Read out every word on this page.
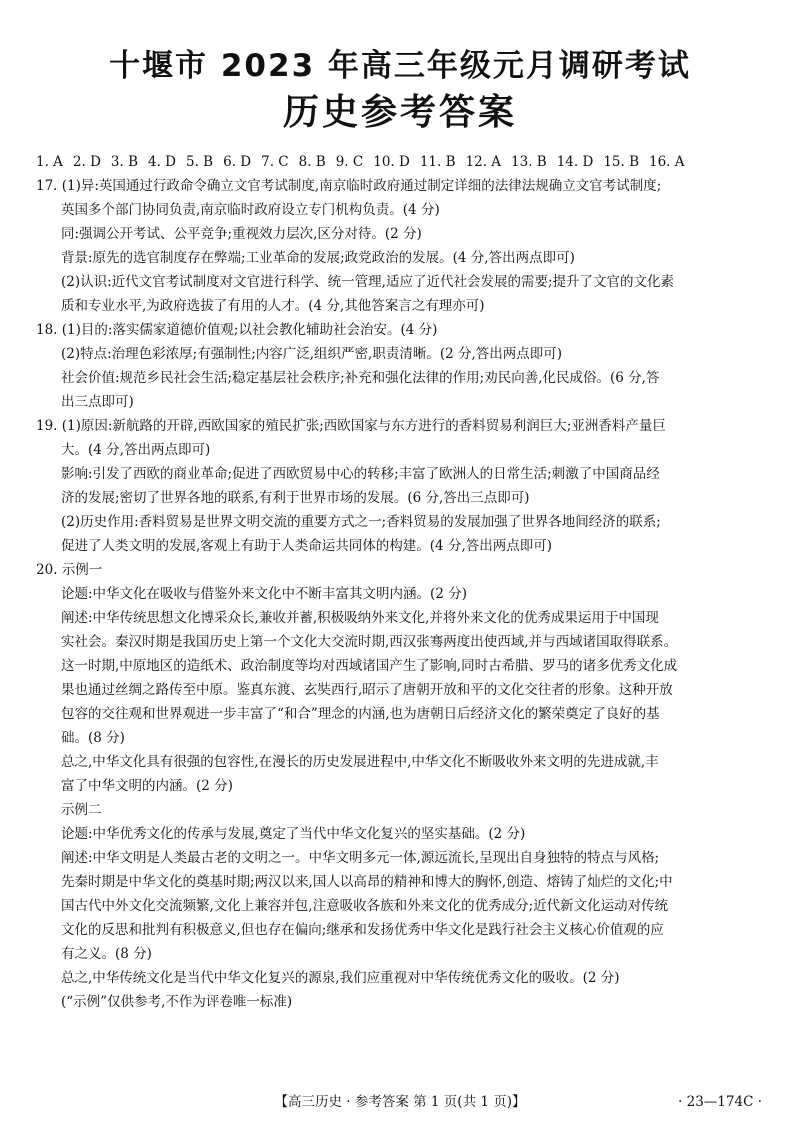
十堰市 2023 年高三年级元月调研考试
历史参考答案
1. A 2. D 3. B 4. D 5. B 6. D 7. C 8. B 9. C 10. D 11. B 12. A 13. B 14. D 15. B 16. A
17. (1)异:英国通过行政命令确立文官考试制度,南京临时政府通过制定详细的法律法规确立文官考试制度;
英国多个部门协同负责,南京临时政府设立专门机构负责。(4 分)
同:强调公开考试、公平竞争;重视效力层次,区分对待。(2 分)
背景:原先的选官制度存在弊端;工业革命的发展;政党政治的发展。(4 分,答出两点即可)
(2)认识:近代文官考试制度对文官进行科学、统一管理,适应了近代社会发展的需要;提升了文官的文化素
质和专业水平,为政府选拔了有用的人才。(4 分,其他答案言之有理亦可)
18. (1)目的:落实儒家道德价值观;以社会教化辅助社会治安。(4 分)
(2)特点:治理色彩浓厚;有强制性;内容广泛,组织严密,职责清晰。(2 分,答出两点即可)
社会价值:规范乡民社会生活;稳定基层社会秩序;补充和强化法律的作用;劝民向善,化民成俗。(6 分,答
出三点即可)
19. (1)原因:新航路的开辟,西欧国家的殖民扩张;西欧国家与东方进行的香料贸易利润巨大;亚洲香料产量巨
大。(4 分,答出两点即可)
影响:引发了西欧的商业革命;促进了西欧贸易中心的转移;丰富了欧洲人的日常生活;刺激了中国商品经
济的发展;密切了世界各地的联系,有利于世界市场的发展。(6 分,答出三点即可)
(2)历史作用:香料贸易是世界文明交流的重要方式之一;香料贸易的发展加强了世界各地间经济的联系;
促进了人类文明的发展,客观上有助于人类命运共同体的构建。(4 分,答出两点即可)
20. 示例一
论题:中华文化在吸收与借鉴外来文化中不断丰富其文明内涵。(2 分)
阐述:中华传统思想文化博采众长,兼收并蓄,积极吸纳外来文化,并将外来文化的优秀成果运用于中国现
实社会。秦汉时期是我国历史上第一个文化大交流时期,西汉张骞两度出使西域,并与西域诸国取得联系。
这一时期,中原地区的造纸术、政治制度等均对西域诸国产生了影响,同时古希腊、罗马的诸多优秀文化成
果也通过丝绸之路传至中原。鉴真东渡、玄奘西行,昭示了唐朝开放和平的文化交往者的形象。这种开放
包容的交往观和世界观进一步丰富了“和合”理念的内涵,也为唐朝日后经济文化的繁荣奠定了良好的基
础。(8 分)
总之,中华文化具有很强的包容性,在漫长的历史发展进程中,中华文化不断吸收外来文明的先进成就,丰
富了中华文明的内涵。(2 分)
示例二
论题:中华优秀文化的传承与发展,奠定了当代中华文化复兴的坚实基础。(2 分)
阐述:中华文明是人类最古老的文明之一。中华文明多元一体,源远流长,呈现出自身独特的特点与风格;
先秦时期是中华文化的奠基时期;两汉以来,国人以高昂的精神和博大的胸怀,创造、熔铸了灿烂的文化;中
国古代中外文化交流频繁,文化上兼容并包,注意吸收各族和外来文化的优秀成分;近代新文化运动对传统
文化的反思和批判有积极意义,但也存在偏向;继承和发扬优秀中华文化是践行社会主义核心价值观的应
有之义。(8 分)
总之,中华传统文化是当代中华文化复兴的源泉,我们应重视对中华传统优秀文化的吸收。(2 分)
(“示例”仅供参考,不作为评卷唯一标准)
【高三历史 · 参考答案 第 1 页(共 1 页)】	· 23—174C ·
